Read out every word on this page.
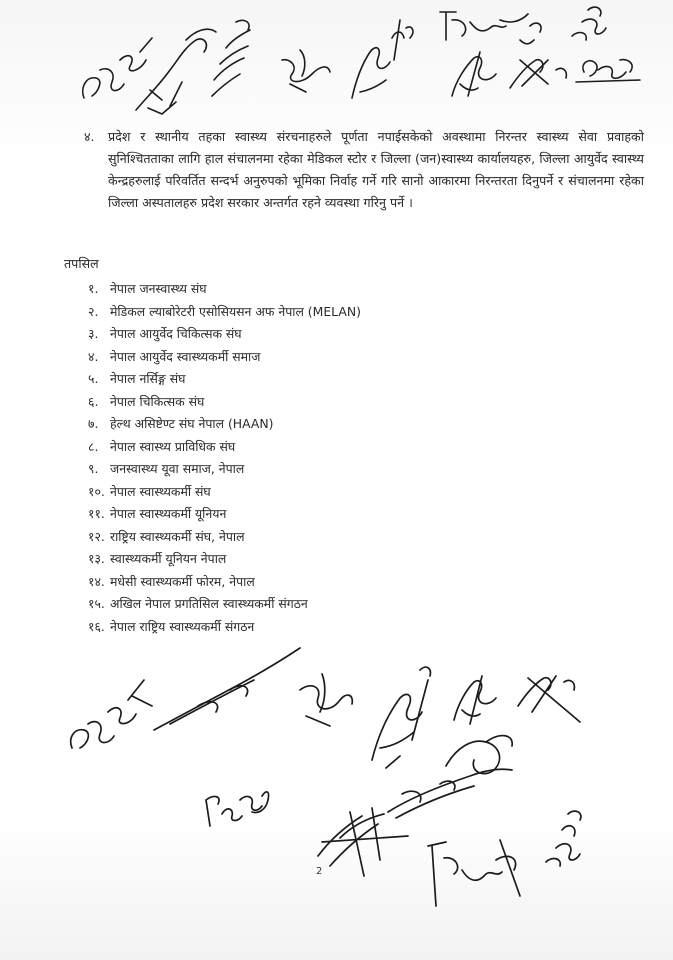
४.	प्रदेश र स्थानीय तहका स्वास्थ्य संरचनाहरुले पूर्णता नपाईसकेको अवस्थामा निरन्तर स्वास्थ्य सेवा प्रवाहको सुनिश्चितताका लागि हाल संचालनमा रहेका मेडिकल स्टोर र जिल्ला (जन)स्वास्थ्य कार्यालयहरु, जिल्ला आयुर्वेद स्वास्थ्य केन्द्रहरुलाई परिवर्तित सन्दर्भ अनुरुपको भूमिका निर्वाह गर्ने गरि सानो आकारमा निरन्तरता दिनुपर्ने र संचालनमा रहेका जिल्ला अस्पतालहरु प्रदेश सरकार अन्तर्गत रहने व्यवस्था गरिनु पर्ने ।
तपसिल
१. नेपाल जनस्वास्थ्य संघ
२. मेडिकल ल्याबोरेटरी एसोसियसन अफ नेपाल (MELAN)
३. नेपाल आयुर्वेद चिकित्सक संघ
४. नेपाल आयुर्वेद स्वास्थ्यकर्मी समाज
५. नेपाल नर्सिङ्ग संघ
६. नेपाल चिकित्सक संघ
७. हेल्थ असिष्टेण्ट संघ नेपाल (HAAN)
८. नेपाल स्वास्थ्य प्राविधिक संघ
९. जनस्वास्थ्य यूवा समाज, नेपाल
१०. नेपाल स्वास्थ्यकर्मी संघ
११. नेपाल स्वास्थ्यकर्मी यूनियन
१२. राष्ट्रिय स्वास्थ्यकर्मी संघ, नेपाल
१३. स्वास्थ्यकर्मी यूनियन नेपाल
१४. मधेसी स्वास्थ्यकर्मी फोरम, नेपाल
१५. अखिल नेपाल प्रगतिसिल स्वास्थ्यकर्मी संगठन
१६. नेपाल राष्ट्रिय स्वास्थ्यकर्मी संगठन
2
